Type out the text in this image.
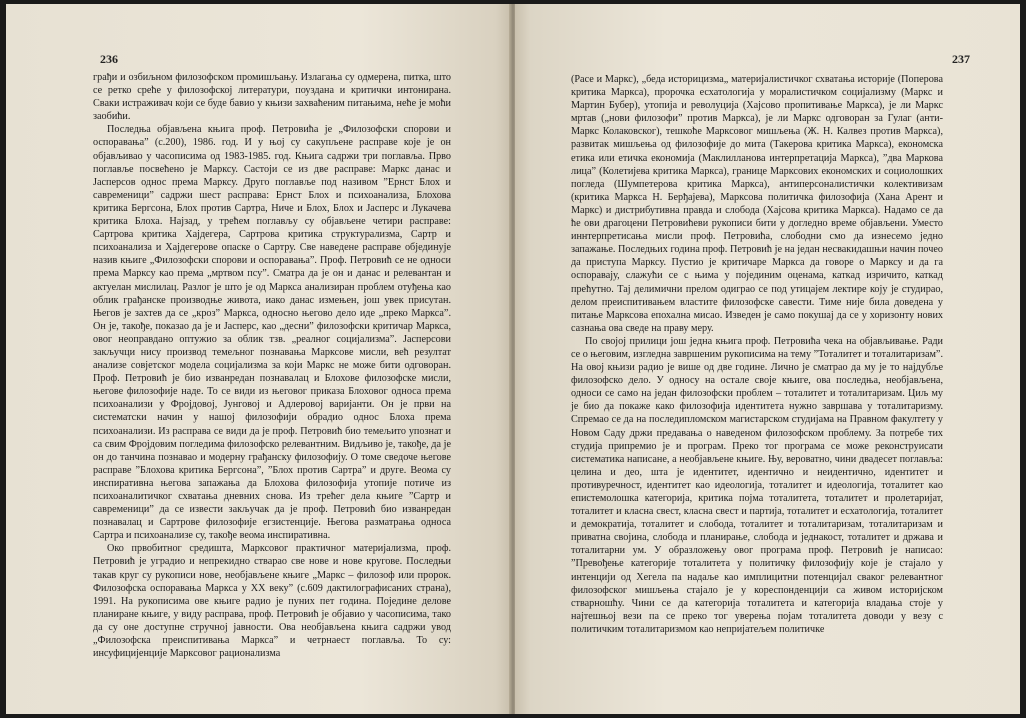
236

грађи и озбиљном филозофском промишљању. Излагања су одмерена, питка, што се ретко среће у филозофској литератури, поуздана и критички интонирана. Сваки истраживач који се буде бавио у књизи захваћеним питањима, неће је моћи заобићи.

Последња објављена књига проф. Петровића је „Филозофски спорови и оспоравања” (с.200), 1986. год. И у њој су сакупљене расправе које је он објављивао у часописима од 1983-1985. год. Књига садржи три поглавља. Прво поглавље посвећено је Марксу. Састоји се из две расправе: Маркс данас и Јасперсов однос према Марксу. Друго поглавље под називом ”Ернст Блох и савременици” садржи шест расправа: Ернст Блох и психоанализа, Блохова критика Бергсона, Блох против Сартра, Ниче и Блох, Блох и Јасперс и Лукачева критика Блоха. Најзад, у трећем поглављу су објављене четири расправе: Сартрова критика Хајдегера, Сартрова критика структурализма, Сартр и психоанализа и Хајдегерове опаске о Сартру. Све наведене расправе објединује назив књиге „Филозофски спорови и оспоравања”. Проф. Петровић се не односи према Марксу као према „мртвом псу”. Сматра да је он и данас и релевантан и актуелан мислилац. Разлог је што је од Маркса анализиран проблем отуђења као облик грађанске производње живота, иако данас измењен, још увек присутан. Његов је захтев да се „кроз” Маркса, односно његово дело иде „преко Маркса”. Он је, такође, показао да је и Јасперс, као „десни” филозофски критичар Маркса, овог неоправдано оптужио за облик тзв. „реалног социјализма”. Јасперсови закључци нису производ темељног познавања Марксове мисли, већ резултат анализе совјетског модела социјализма за који Маркс не може бити одговоран. Проф. Петровић је био изванредан познавалац и Блохове филозофске мисли, његове филозофије наде. То се види из његовог приказа Блоховог односа према психоанализи у Фројдовој, Јунговој и Адлеровој варијанти. Он је први на систематски начин у нашој филозофији обрадио однос Блоха према психоанализи. Из расправа се види да је проф. Петровић био темељито упознат и са свим Фројдовим погледима филозофско релевантним. Видљиво је, такође, да је он до танчина познавао и модерну грађанску филозофију. О томе сведоче његове расправе ”Блохова критика Бергсона”, ”Блох против Сартра” и друге. Веома су инспиративна његова запажања да Блохова филозофија утопије потиче из психоаналитичког схватања дневних снова. Из трећег дела књиге ”Сартр и савременици” да се извести закључак да је проф. Петровић био изванредан познавалац и Сартрове филозофије егзистенције. Његова разматрања односа Сартра и психоанализе су, такође веома инспиративна.

Око првобитног средишта, Марксовог практичног материјализма, проф. Петровић је уградио и непрекидно стварао све нове и нове кругове. Последњи такав круг су рукописи нове, необјављене књиге „Маркс – филозоф или пророк. Филозофска оспоравања Маркса у XX веку” (с.609 дактилографисаних страна), 1991. На рукописима ове књиге радио је пуних пет година. Поједине делове планиране књиге, у виду расправа, проф. Петровић је објавио у часописима, тако да су оне доступне стручној јавности. Ова необјављена књига садржи увод „Филозофска преиспитивања Маркса” и четрнаест поглавља. То су: инсуфицијенције Марксовог рационализма

237

(Расе и Маркс), „беда историцизма„ материјалистичког схватања историје (Поперова критика Маркса), пророчка есхатологија у моралистичком социјализму (Маркс и Мартин Бубер), утопија и револуција (Хајсово пропитивање Маркса), је ли Маркс мртав („нови филозофи” против Маркса), је ли Маркс одговоран за Гулаг (анти-Маркс Колаковског), тешкоће Марксовог мишљења (Ж. Н. Калвез против Маркса), развитак мишљења од филозофије до мита (Такерова критика Маркса), економска етика или етичка економија (Маклилланова интерпретација Маркса), ”два Маркова лица” (Колетијева критика Маркса), границе Марксових економских и социолошких погледа (Шумпетерова критика Маркса), антиперсоналистички колективизам (критика Маркса Н. Берђајева), Марксова политичка филозофија (Хана Арент и Маркс) и дистрибутивна правда и слобода (Хајсова критика Маркса). Надамо се да ће ови драгоцени Петровићеви рукописи бити у догледно време објављени. Уместо иннтерпретисања мисли проф. Петровића, слободни смо да изнесемо једно запажање. Последњих година проф. Петровић је на један несвакидашњи начин почео да приступа Марксу. Пустио је критичаре Маркса да говоре о Марксу и да га оспоравају, слажући се с њима у појединим оценама, каткад изричито, каткад прећутно. Тај делимични прелом одиграо се под утицајем лектире коју је студирао, делом преиспитивањем властите филозофске савести. Тиме није била доведена у питање Марксова епохална мисао. Изведен је само покушај да се у хоризонту нових сазнања ова сведе на праву меру.

По својој прилици још једна књига проф. Петровића чека на објављивање. Ради се о његовим, изгледна завршеним рукописима на тему ”Тоталитет и тоталитаризам”. На овој књизи радио је више од две године. Лично је сматрао да му је то најдубље филозофско дело. У односу на остале своје књиге, ова последња, необјављена, односи се само на један филозофски проблем – тоталитет и тоталитаризам. Циљ му је био да покаже како филозофија идентитета нужно завршава у тоталитаризму. Спремао се да на последипломском магистарском студијама на Правном факултету у Новом Саду држи предавања о наведеном филозофском проблему. За потребе тих студија припремио је и програм. Преко тог програма се може реконструисати систематика написане, а необјављене књиге. Њу, вероватно, чини двадесет поглавља: целина и део, шта је идентитет, идентично и неидентично, идентитет и противуречност, идентитет као идеологија, тоталитет и идеологија, тоталитет као епистемолошка категорија, критика појма тоталитета, тоталитет и пролетаријат, тоталитет и класна свест, класна свест и партија, тоталитет и есхатологија, тоталитет и демократија, тоталитет и слобода, тоталитет и тоталитаризам, тоталитаризам и приватна својина, слобода и планирање, слобода и једнакост, тоталитет и држава и тоталитарни ум. У образложењу овог програма проф. Петровић је написао: ”Превођење категорије тоталитета у политичку филозофију које је стајало у интенцији од Хегела па надаље као имплицитни потенцијал сваког релевантног филозофског мишљења стајало је у кореспонденцији са живом историјском стварношћу. Чини се да категорија тоталитета и категорија владања стоје у најтешњој вези па се преко тог уверења појам тоталитета доводи у везу с политичким тоталитаризмом као непријатељем политичке
